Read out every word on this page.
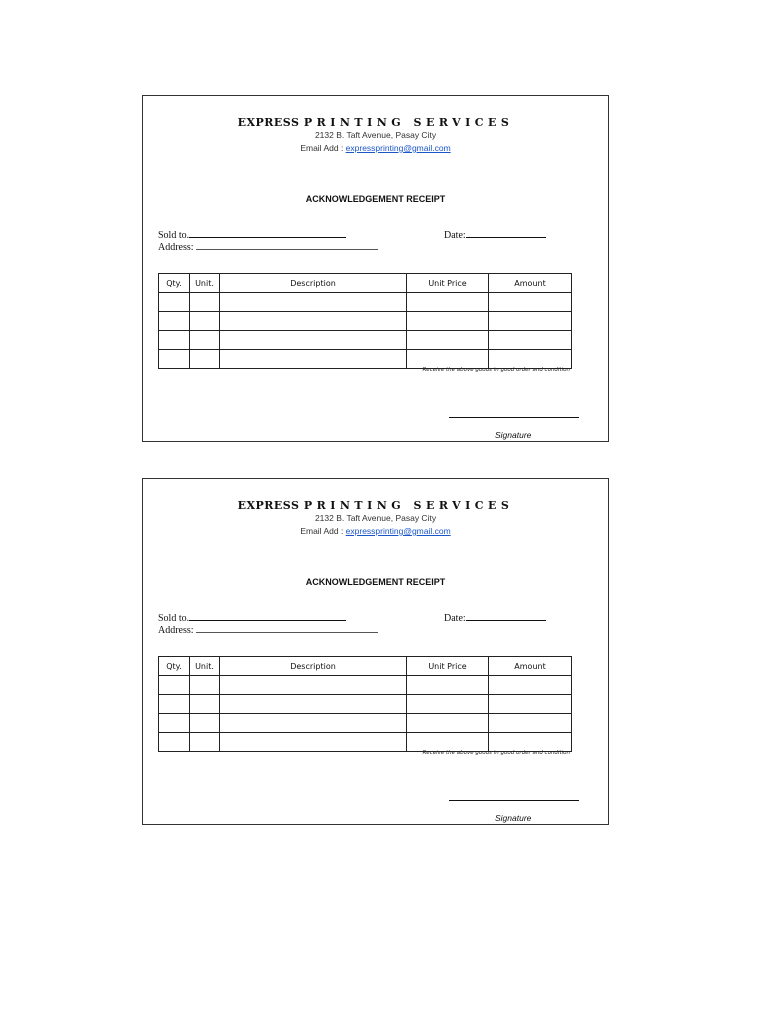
EXPRESS PRINTING SERVICES
2132 B. Taft Avenue, Pasay City
Email Add : expressprinting@gmail.com
ACKNOWLEDGEMENT RECEIPT
Sold to.
Address:
Date:
Qty.	Unit.	Description	Unit Price	Amount

Receive the above goods in good order and condition
Signature
EXPRESS PRINTING SERVICES
2132 B. Taft Avenue, Pasay City
Email Add : expressprinting@gmail.com
ACKNOWLEDGEMENT RECEIPT
Sold to.
Address:
Date:
Qty.	Unit.	Description	Unit Price	Amount

Receive the above goods in good order and condition
Signature
